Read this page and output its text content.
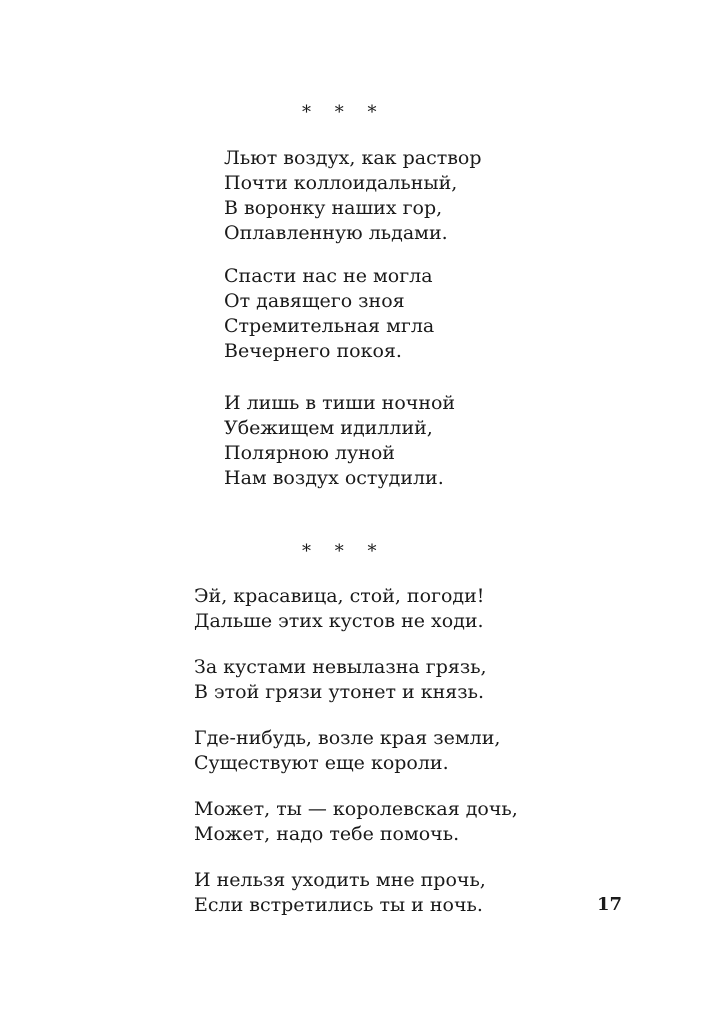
* * *
Льют воздух, как раствор
Почти коллоидальный,
В воронку наших гор,
Оплавленную льдами.
Спасти нас не могла
От давящего зноя
Стремительная мгла
Вечернего покоя.
И лишь в тиши ночной
Убежищем идиллий,
Полярною луной
Нам воздух остудили.
* * *
Эй, красавица, стой, погоди!
Дальше этих кустов не ходи.
За кустами невылазна грязь,
В этой грязи утонет и князь.
Где-нибудь, возле края земли,
Существуют еще короли.
Может, ты — королевская дочь,
Может, надо тебе помочь.
И нельзя уходить мне прочь,
Если встретились ты и ночь.	17
